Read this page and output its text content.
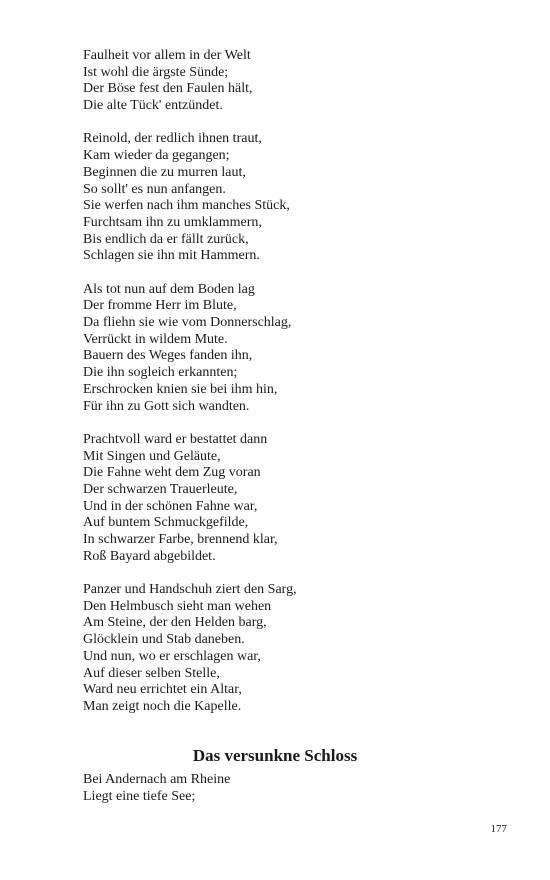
Faulheit vor allem in der Welt
Ist wohl die ärgste Sünde;
Der Böse fest den Faulen hält,
Die alte Tück' entzündet.
Reinold, der redlich ihnen traut,
Kam wieder da gegangen;
Beginnen die zu murren laut,
So sollt' es nun anfangen.
Sie werfen nach ihm manches Stück,
Furchtsam ihn zu umklammern,
Bis endlich da er fällt zurück,
Schlagen sie ihn mit Hammern.
Als tot nun auf dem Boden lag
Der fromme Herr im Blute,
Da fliehn sie wie vom Donnerschlag,
Verrückt in wildem Mute.
Bauern des Weges fanden ihn,
Die ihn sogleich erkannten;
Erschrocken knien sie bei ihm hin,
Für ihn zu Gott sich wandten.
Prachtvoll ward er bestattet dann
Mit Singen und Geläute,
Die Fahne weht dem Zug voran
Der schwarzen Trauerleute,
Und in der schönen Fahne war,
Auf buntem Schmuckgefilde,
In schwarzer Farbe, brennend klar,
Roß Bayard abgebildet.
Panzer und Handschuh ziert den Sarg,
Den Helmbusch sieht man wehen
Am Steine, der den Helden barg,
Glöcklein und Stab daneben.
Und nun, wo er erschlagen war,
Auf dieser selben Stelle,
Ward neu errichtet ein Altar,
Man zeigt noch die Kapelle.
Das versunkne Schloss
Bei Andernach am Rheine
Liegt eine tiefe See;
177
